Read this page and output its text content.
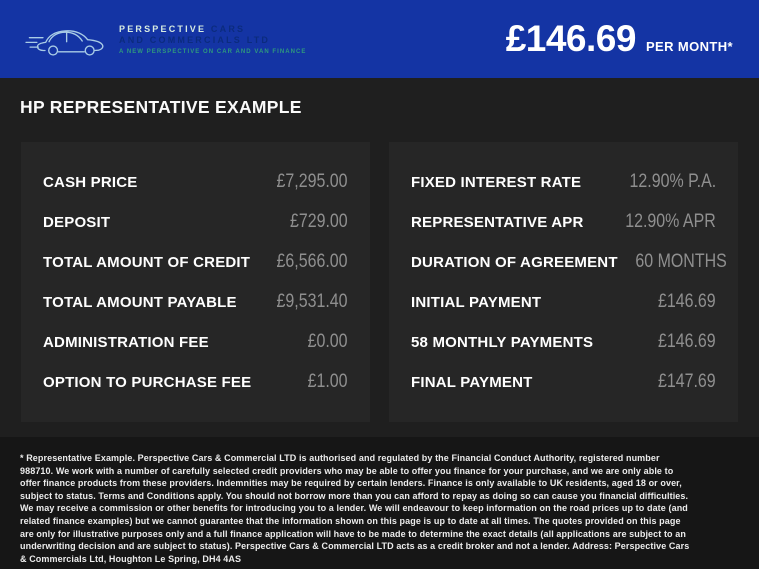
PERSPECTIVE CARS
AND COMMERCIALS LTD
A NEW PERSPECTIVE ON CAR AND VAN FINANCE	£146.69 PER MONTH*
HP REPRESENTATIVE EXAMPLE
CASH PRICE	£7,295.00
DEPOSIT	£729.00
TOTAL AMOUNT OF CREDIT £6,566.00
TOTAL AMOUNT PAYABLE £9,531.40
ADMINISTRATION FEE	£0.00
OPTION TO PURCHASE FEE	£1.00
FIXED INTEREST RATE	12.90% P.A.
REPRESENTATIVE APR 12.90% APR
DURATION OF AGREEMENT 60 MONTHS
INITIAL PAYMENT	£146.69
58 MONTHLY PAYMENTS	£146.69
FINAL PAYMENT	£147.69
* Representative Example. Perspective Cars & Commercial LTD is authorised and regulated by the Financial Conduct Authority, registered number 988710. We work with a number of carefully selected credit providers who may be able to offer you finance for your purchase, and we are only able to offer finance products from these providers. Indemnities may be required by certain lenders. Finance is only available to UK residents, aged 18 or over, subject to status. Terms and Conditions apply. You should not borrow more than you can afford to repay as doing so can cause you financial difficulties. We may receive a commission or other benefits for introducing you to a lender. We will endeavour to keep information on the road prices up to date (and related finance examples) but we cannot guarantee that the information shown on this page is up to date at all times. The quotes provided on this page are only for illustrative purposes only and a full finance application will have to be made to determine the exact details (all applications are subject to an underwriting decision and are subject to status). Perspective Cars & Commercial LTD acts as a credit broker and not a lender. Address: Perspective Cars & Commercials Ltd, Houghton Le Spring, DH4 4AS
